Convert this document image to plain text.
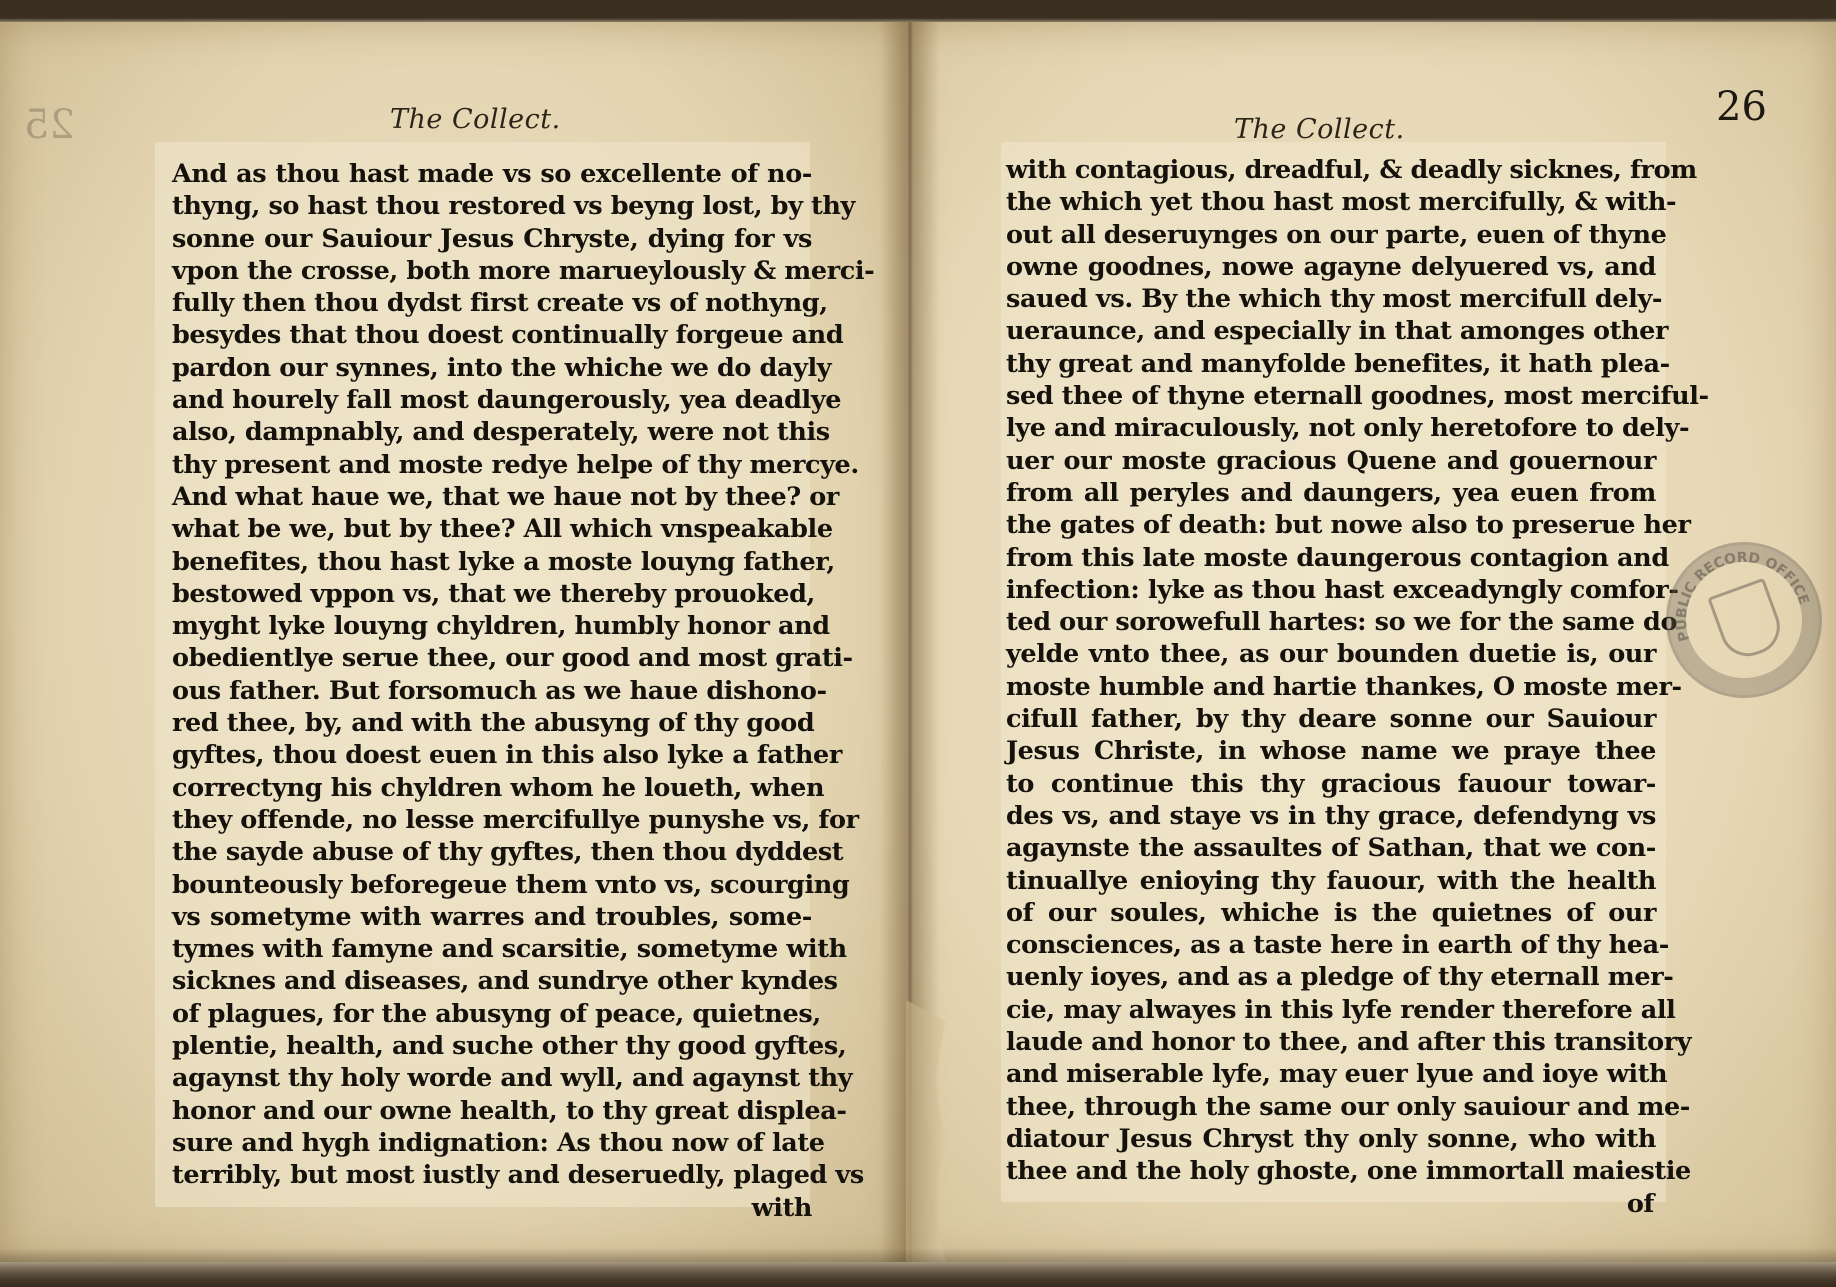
25	The Collect.
And as thou hast made vs so excellente of no-
thyng, so hast thou restored vs beyng lost, by thy
sonne our Sauiour Jesus Chryste, dying for vs
vpon the crosse, both more marueylously & merci-
fully then thou dydst first create vs of nothyng,
besydes that thou doest continually forgeue and
pardon our synnes, into the whiche we do dayly
and hourely fall most daungerously, yea deadlye
also, dampnably, and desperately, were not this
thy present and moste redye helpe of thy mercye.
And what haue we, that we haue not by thee? or
what be we, but by thee? All which vnspeakable
benefites, thou hast lyke a moste louyng father,
bestowed vppon vs, that we thereby prouoked,
myght lyke louyng chyldren, humbly honor and
obedientlye serue thee, our good and most grati-
ous father. But forsomuch as we haue dishono-
red thee, by, and with the abusyng of thy good
gyftes, thou doest euen in this also lyke a father
correctyng his chyldren whom he loueth, when
they offende, no lesse mercifullye punyshe vs, for
the sayde abuse of thy gyftes, then thou dyddest
bounteously beforegeue them vnto vs, scourging
vs sometyme with warres and troubles, some-
tymes with famyne and scarsitie, sometyme with
sicknes and diseases, and sundrye other kyndes
of plagues, for the abusyng of peace, quietnes,
plentie, health, and suche other thy good gyftes,
agaynst thy holy worde and wyll, and agaynst thy
honor and our owne health, to thy great displea-
sure and hygh indignation: As thou now of late
terribly, but most iustly and deseruedly, plaged vs
with
The Collect.	26
with contagious, dreadful, & deadly sicknes, from
the which yet thou hast most mercifully, & with-
out all deseruynges on our parte, euen of thyne
owne goodnes, nowe agayne delyuered vs, and
saued vs. By the which thy most mercifull dely-
ueraunce, and especially in that amonges other
thy great and manyfolde benefites, it hath plea-
sed thee of thyne eternall goodnes, most merciful-
lye and miraculously, not only heretofore to dely-
uer our moste gracious Quene and gouernour
from all peryles and daungers, yea euen from
the gates of death: but nowe also to preserue her
from this late moste daungerous contagion and
infection: lyke as thou hast exceadyngly comfor-
ted our sorowefull hartes: so we for the same do
yelde vnto thee, as our bounden duetie is, our
moste humble and hartie thankes, O moste mer-
cifull father, by thy deare sonne our Sauiour
Jesus Christe, in whose name we praye thee
to continue this thy gracious fauour towar-
des vs, and staye vs in thy grace, defendyng vs
agaynste the assaultes of Sathan, that we con-
tinuallye enioying thy fauour, with the health
of our soules, whiche is the quietnes of our
consciences, as a taste here in earth of thy hea-
uenly ioyes, and as a pledge of thy eternall mer-
cie, may alwayes in this lyfe render therefore all
laude and honor to thee, and after this transitory
and miserable lyfe, may euer lyue and ioye with
thee, through the same our only sauiour and me-
diatour Jesus Chryst thy only sonne, who with
thee and the holy ghoste, one immortall maiestie
of
PUBLIC RECORD OFFICE
